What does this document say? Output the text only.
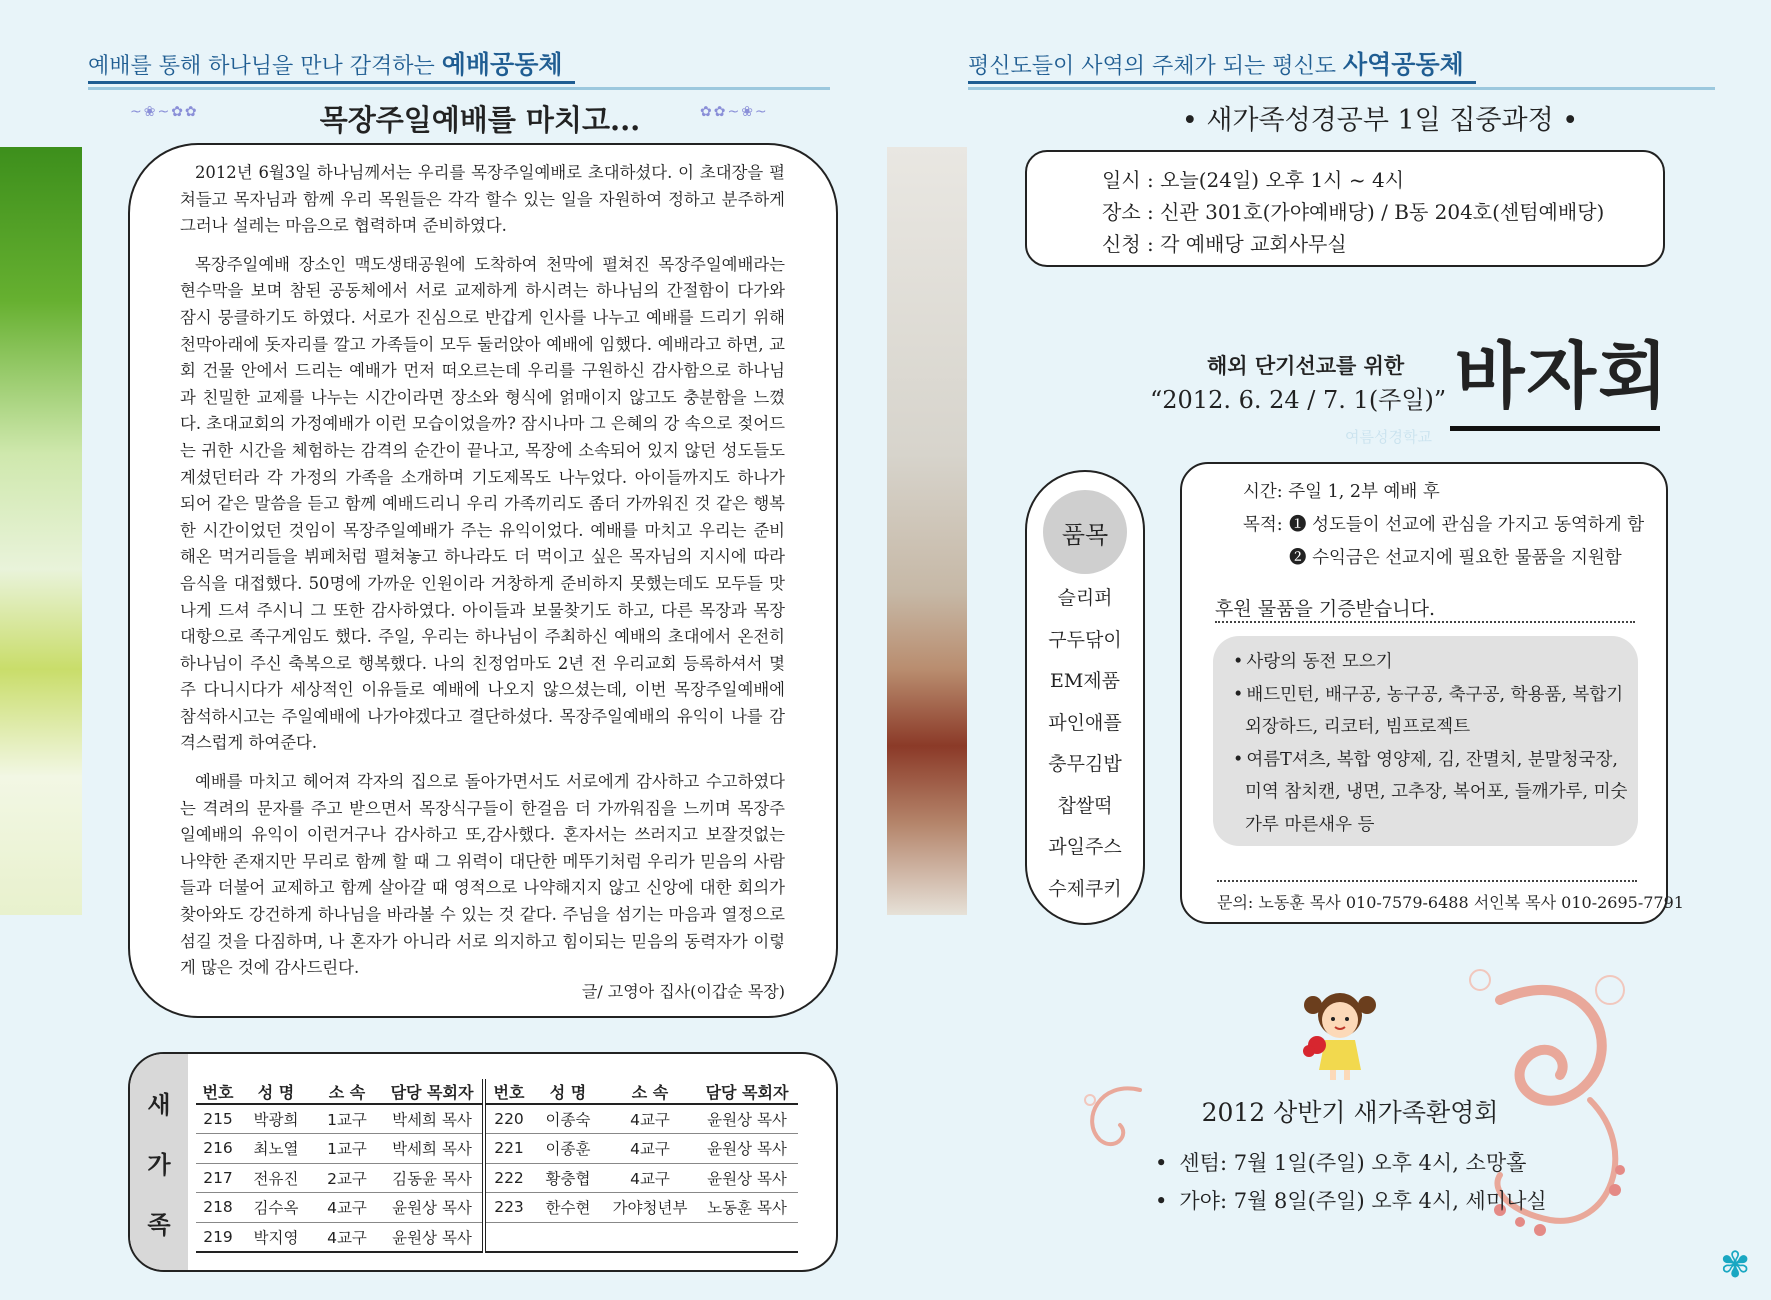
예배를 통해 하나님을 만나 감격하는 예배공동체
~❀~✿✿	✿✿~❀~
목장주일예배를 마치고...

2012년 6월3일 하나님께서는 우리를 목장주일예배로 초대하셨다. 이 초대장을 펼쳐들고 목자님과 함께 우리 목원들은 각각 할수 있는 일을 자원하여 정하고 분주하게 그러나 설레는 마음으로 협력하며 준비하였다.

목장주일예배 장소인 맥도생태공원에 도착하여 천막에 펼쳐진 목장주일예배라는 현수막을 보며 참된 공동체에서 서로 교제하게 하시려는 하나님의 간절함이 다가와 잠시 뭉클하기도 하였다. 서로가 진심으로 반갑게 인사를 나누고 예배를 드리기 위해 천막아래에 돗자리를 깔고 가족들이 모두 둘러앉아 예배에 임했다. 예배라고 하면, 교회 건물 안에서 드리는 예배가 먼저 떠오르는데 우리를 구원하신 감사함으로 하나님과 친밀한 교제를 나누는 시간이라면 장소와 형식에 얽매이지 않고도 충분함을 느꼈다. 초대교회의 가정예배가 이런 모습이었을까? 잠시나마 그 은혜의 강 속으로 젖어드는 귀한 시간을 체험하는 감격의 순간이 끝나고, 목장에 소속되어 있지 않던 성도들도 계셨던터라 각 가정의 가족을 소개하며 기도제목도 나누었다. 아이들까지도 하나가 되어 같은 말씀을 듣고 함께 예배드리니 우리 가족끼리도 좀더 가까워진 것 같은 행복한 시간이었던 것임이 목장주일예배가 주는 유익이었다. 예배를 마치고 우리는 준비해온 먹거리들을 뷔페처럼 펼쳐놓고 하나라도 더 먹이고 싶은 목자님의 지시에 따라 음식을 대접했다. 50명에 가까운 인원이라 거창하게 준비하지 못했는데도 모두들 맛나게 드셔 주시니 그 또한 감사하였다. 아이들과 보물찾기도 하고, 다른 목장과 목장대항으로 족구게임도 했다. 주일, 우리는 하나님이 주최하신 예배의 초대에서 온전히 하나님이 주신 축복으로 행복했다. 나의 친정엄마도 2년 전 우리교회 등록하셔서 몇 주 다니시다가 세상적인 이유들로 예배에 나오지 않으셨는데, 이번 목장주일예배에 참석하시고는 주일예배에 나가야겠다고 결단하셨다. 목장주일예배의 유익이 나를 감격스럽게 하여준다.

예배를 마치고 헤어져 각자의 집으로 돌아가면서도 서로에게 감사하고 수고하였다는 격려의 문자를 주고 받으면서 목장식구들이 한걸음 더 가까워짐을 느끼며 목장주일예배의 유익이 이런거구나 감사하고 또,감사했다. 혼자서는 쓰러지고 보잘것없는 나약한 존재지만 무리로 함께 할 때 그 위력이 대단한 메뚜기처럼 우리가 믿음의 사람들과 더불어 교제하고 함께 살아갈 때 영적으로 나약해지지 않고 신앙에 대한 회의가 찾아와도 강건하게 하나님을 바라볼 수 있는 것 같다. 주님을 섬기는 마음과 열정으로 섬길 것을 다짐하며, 나 혼자가 아니라 서로 의지하고 힘이되는 믿음의 동력자가 이렇게 많은 것에 감사드린다.

글/ 고영아 집사(이갑순 목장)
새
가
족
번호	성 명	소 속	담당 목회자	번호	성 명	소 속	담당 목회자
215	박광희	1교구	박세희 목사	220	이종숙	4교구	윤원상 목사
216	최노열	1교구	박세희 목사	221	이종훈	4교구	윤원상 목사
217	전유진	2교구	김동윤 목사	222	황충협	4교구	윤원상 목사
218	김수옥	4교구	윤원상 목사	223	한수현	가야청년부	노동훈 목사
219	박지영	4교구	윤원상 목사				
평신도들이 사역의 주체가 되는 평신도 사역공동체
• 새가족성경공부 1일 집중과정 •
일시 : 오늘(24일) 오후 1시 ~ 4시
장소 : 신관 301호(가야예배당) / B동 204호(센텀예배당)
신청 : 각 예배당 교회사무실
해외 단기선교를 위한
“2012. 6. 24 / 7. 1(주일)” 바자회
여름성경학교
품목
슬리퍼
구두닦이
EM제품
파인애플
충무김밥
찹쌀떡
과일주스
수제쿠키
시간: 주일 1, 2부 예배 후
목적: ❶ 성도들이 선교에 관심을 가지고 동역하게 함
❷ 수익금은 선교지에 필요한 물품을 지원함
후원 물품을 기증받습니다.
• 사랑의 동전 모으기
• 배드민턴, 배구공, 농구공, 축구공, 학용품, 복합기 외장하드, 리코터, 빔프로젝트
• 여름T셔츠, 복합 영양제, 김, 잔멸치, 분말청국장, 미역 참치캔, 냉면, 고추장, 복어포, 들깨가루, 미숫가루 마른새우 등
문의: 노동훈 목사 010-7579-6488 서인복 목사 010-2695-7791
2012 상반기 새가족환영회
• 센텀: 7월 1일(주일) 오후 4시, 소망홀
• 가야: 7월 8일(주일) 오후 4시, 세미나실
✾
